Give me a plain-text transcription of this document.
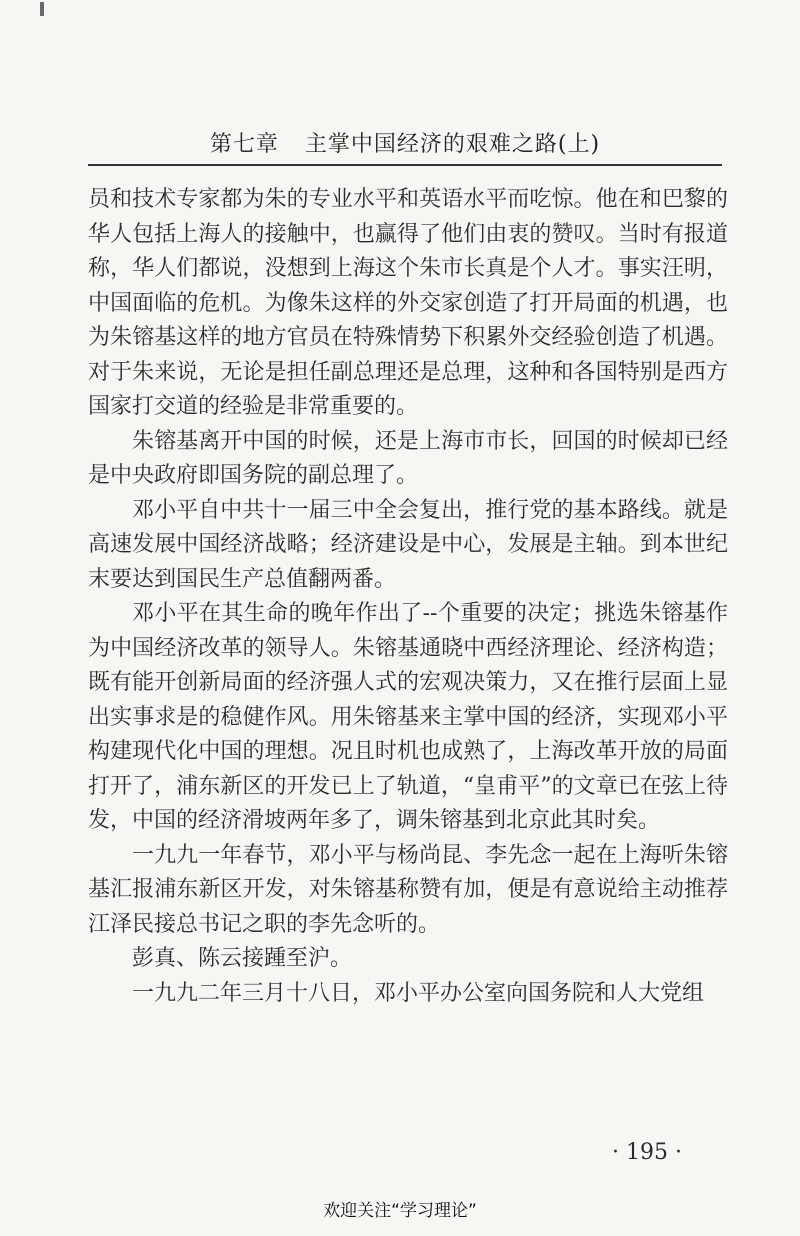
第七章 主掌中国经济的艰难之路(上)

员和技术专家都为朱的专业水平和英语水平而吃惊。他在和巴黎的华人包括上海人的接触中，也赢得了他们由衷的赞叹。当时有报道称，华人们都说，没想到上海这个朱市长真是个人才。事实汪明，中国面临的危机。为像朱这样的外交家创造了打开局面的机遇，也为朱镕基这样的地方官员在特殊情势下积累外交经验创造了机遇。对于朱来说，无论是担任副总理还是总理，这种和各国特别是西方国家打交道的经验是非常重要的。

朱镕基离开中国的时候，还是上海市市长，回国的时候却已经是中央政府即国务院的副总理了。

邓小平自中共十一届三中全会复出，推行党的基本路线。就是高速发展中国经济战略；经济建设是中心，发展是主轴。到本世纪末要达到国民生产总值翻两番。

邓小平在其生命的晚年作出了--个重要的决定；挑选朱镕基作为中国经济改革的领导人。朱镕基通晓中西经济理论、经济构造；既有能开创新局面的经济强人式的宏观决策力，又在推行层面上显出实事求是的稳健作风。用朱镕基来主掌中国的经济，实现邓小平构建现代化中国的理想。况且时机也成熟了，上海改革开放的局面打开了，浦东新区的开发已上了轨道，“皇甫平”的文章已在弦上待发，中国的经济滑坡两年多了，调朱镕基到北京此其时矣。

一九九一年春节，邓小平与杨尚昆、李先念一起在上海听朱镕基汇报浦东新区开发，对朱镕基称赞有加，便是有意说给主动推荐江泽民接总书记之职的李先念听的。

彭真、陈云接踵至沪。

一九九二年三月十八日，邓小平办公室向国务院和人大党组

· 195 ·
欢迎关注“学习理论”
